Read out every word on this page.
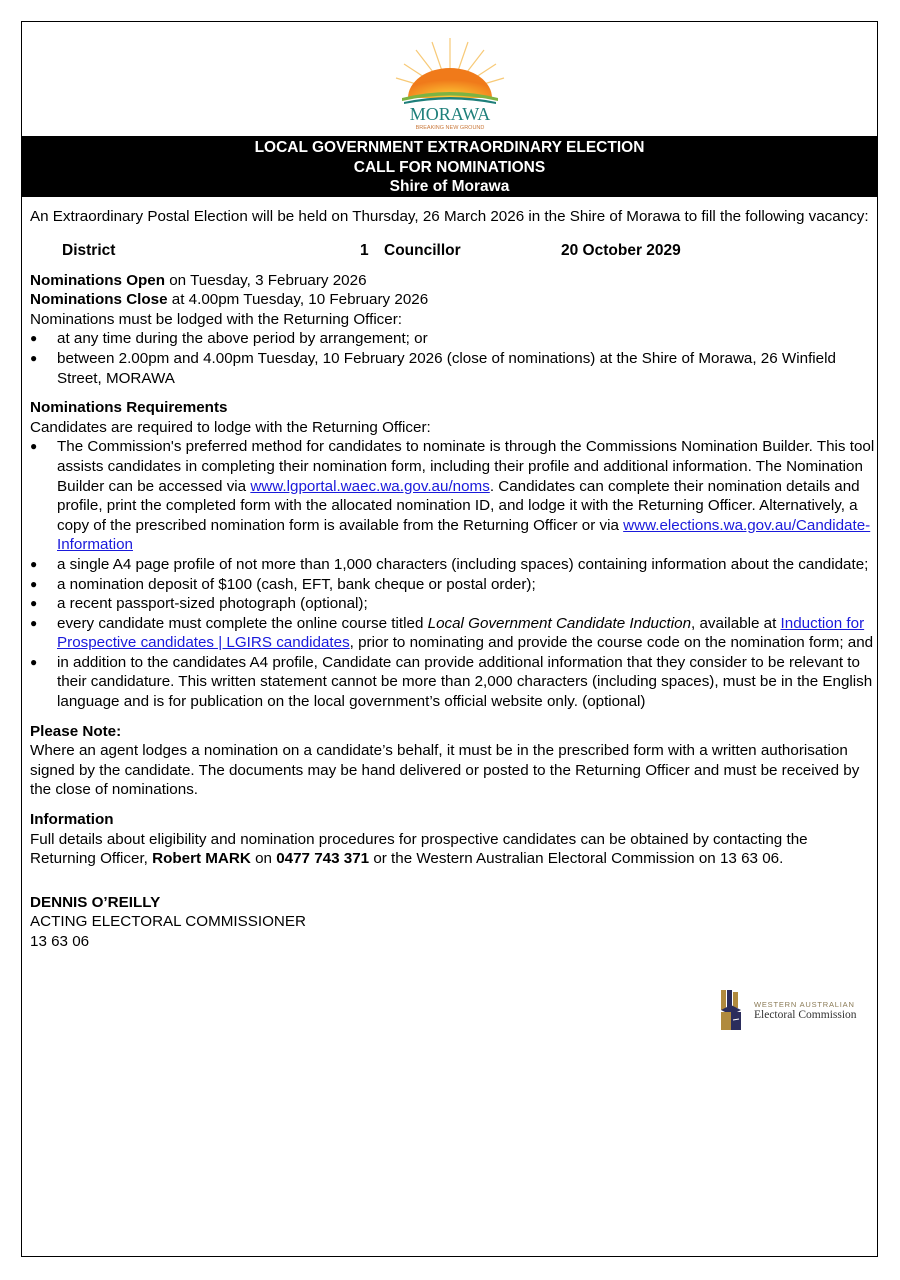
MORAWA
BREAKING NEW GROUND
LOCAL GOVERNMENT EXTRAORDINARY ELECTION
CALL FOR NOMINATIONS
Shire of Morawa

An Extraordinary Postal Election will be held on Thursday, 26 March 2026 in the Shire of Morawa to fill the following vacancy:

District	1 Councillor	20 October 2029

Nominations Open on Tuesday, 3 February 2026

Nominations Close at 4.00pm Tuesday, 10 February 2026

Nominations must be lodged with the Returning Officer:

● at any time during the above period by arrangement; or
● between 2.00pm and 4.00pm Tuesday, 10 February 2026 (close of nominations) at the Shire of Morawa, 26 Winfield Street, MORAWA

Nominations Requirements

Candidates are required to lodge with the Returning Officer:

● The Commission's preferred method for candidates to nominate is through the Commissions Nomination Builder. This tool assists candidates in completing their nomination form, including their profile and additional information. The Nomination Builder can be accessed via www.lgportal.waec.wa.gov.au/noms. Candidates can complete their nomination details and profile, print the completed form with the allocated nomination ID, and lodge it with the Returning Officer. Alternatively, a copy of the prescribed nomination form is available from the Returning Officer or via www.elections.wa.gov.au/Candidate-Information
● a single A4 page profile of not more than 1,000 characters (including spaces) containing information about the candidate;
● a nomination deposit of $100 (cash, EFT, bank cheque or postal order);
● a recent passport-sized photograph (optional);
● every candidate must complete the online course titled Local Government Candidate Induction, available at Induction for Prospective candidates | LGIRS candidates, prior to nominating and provide the course code on the nomination form; and
● in addition to the candidates A4 profile, Candidate can provide additional information that they consider to be relevant to their candidature. This written statement cannot be more than 2,000 characters (including spaces), must be in the English language and is for publication on the local government’s official website only. (optional)

Please Note:

Where an agent lodges a nomination on a candidate’s behalf, it must be in the prescribed form with a written authorisation signed by the candidate. The documents may be hand delivered or posted to the Returning Officer and must be received by the close of nominations.

Information

Full details about eligibility and nomination procedures for prospective candidates can be obtained by contacting the Returning Officer, Robert MARK on 0477 743 371 or the Western Australian Electoral Commission on 13 63 06.

DENNIS O’REILLY

ACTING ELECTORAL COMMISSIONER

13 63 06

WESTERN AUSTRALIAN
Electoral Commission
